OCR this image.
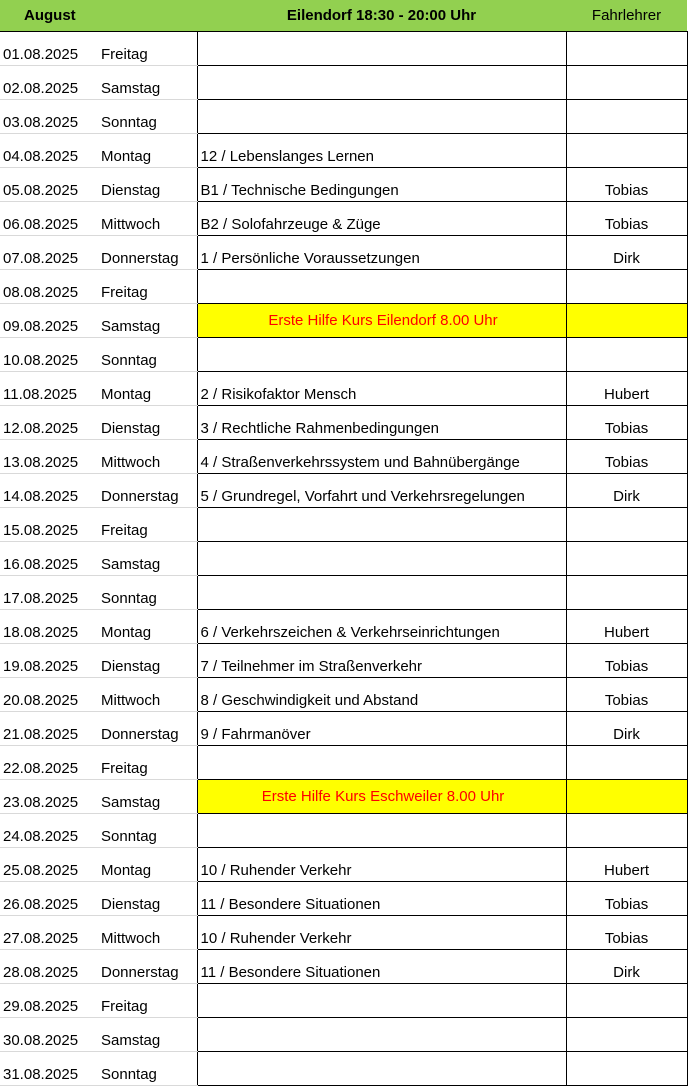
August		Eilendorf 18:30 - 20:00 Uhr	Fahrlehrer
01.08.2025	Freitag		
02.08.2025	Samstag		
03.08.2025	Sonntag		
04.08.2025	Montag	12 / Lebenslanges Lernen	
05.08.2025	Dienstag	B1 / Technische Bedingungen	Tobias
06.08.2025	Mittwoch	B2 / Solofahrzeuge & Züge	Tobias
07.08.2025	Donnerstag	1 / Persönliche Voraussetzungen	Dirk
08.08.2025	Freitag		
09.08.2025	Samstag	Erste Hilfe Kurs Eilendorf 8.00 Uhr	
10.08.2025	Sonntag		
11.08.2025	Montag	2 / Risikofaktor Mensch	Hubert
12.08.2025	Dienstag	3 / Rechtliche Rahmenbedingungen	Tobias
13.08.2025	Mittwoch	4 / Straßenverkehrssystem und Bahnübergänge	Tobias
14.08.2025	Donnerstag	5 / Grundregel, Vorfahrt und Verkehrsregelungen	Dirk
15.08.2025	Freitag		
16.08.2025	Samstag		
17.08.2025	Sonntag		
18.08.2025	Montag	6 / Verkehrszeichen & Verkehrseinrichtungen	Hubert
19.08.2025	Dienstag	7 / Teilnehmer im Straßenverkehr	Tobias
20.08.2025	Mittwoch	8 / Geschwindigkeit und Abstand	Tobias
21.08.2025	Donnerstag	9 / Fahrmanöver	Dirk
22.08.2025	Freitag		
23.08.2025	Samstag	Erste Hilfe Kurs Eschweiler 8.00 Uhr	
24.08.2025	Sonntag		
25.08.2025	Montag	10 / Ruhender Verkehr	Hubert
26.08.2025	Dienstag	11 / Besondere Situationen	Tobias
27.08.2025	Mittwoch	10 / Ruhender Verkehr	Tobias
28.08.2025	Donnerstag	11 / Besondere Situationen	Dirk
29.08.2025	Freitag		
30.08.2025	Samstag		
31.08.2025	Sonntag		
